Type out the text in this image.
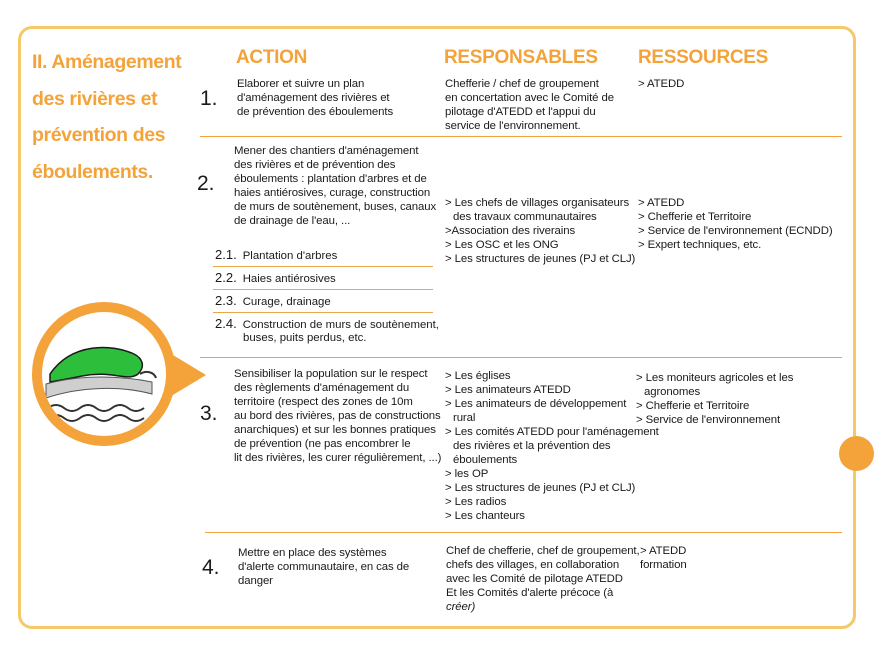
II. Aménagement
des rivières et
prévention des
éboulements.
ACTION	RESPONSABLES RESSOURCES
1.
Elaborer et suivre un plan
d'aménagement des rivières et
de prévention des éboulements
Chefferie / chef de groupement
en concertation avec le Comité de
pilotage d'ATEDD et l'appui du
service de l'environnement.
> ATEDD
2.
Mener des chantiers d'aménagement
des rivières et de prévention des
éboulements : plantation d'arbres et de
haies antiérosives, curage, construction
de murs de soutènement, buses, canaux
de drainage de l'eau, ...
2.1. Plantation d'arbres
2.2. Haies antiérosives
2.3. Curage, drainage
2.4. Construction de murs de soutènement,
buses, puits perdus, etc.
> Les chefs de villages organisateurs
des travaux communautaires
>Association des riverains
> Les OSC et les ONG
> Les structures de jeunes (PJ et CLJ)
> ATEDD
> Chefferie et Territoire
> Service de l'environnement (ECNDD)
> Expert techniques, etc.
3.
Sensibiliser la population sur le respect
des règlements d'aménagement du
territoire (respect des zones de 10m
au bord des rivières, pas de constructions
anarchiques) et sur les bonnes pratiques
de prévention (ne pas encombrer le
lit des rivières, les curer régulièrement, ...)
> Les églises
> Les animateurs ATEDD
> Les animateurs de développement
rural
> Les comités ATEDD pour l'aménagement
des rivières et la prévention des
éboulements
> les OP
> Les structures de jeunes (PJ et CLJ)
> Les radios
> Les chanteurs
> Les moniteurs agricoles et les
agronomes
> Chefferie et Territoire
> Service de l'environnement
4.
Mettre en place des systèmes
d'alerte communautaire, en cas de
danger
Chef de chefferie, chef de groupement,
chefs des villages, en collaboration
avec les Comité de pilotage ATEDD
Et les Comités d'alerte précoce (à
créer)
> ATEDD
formation
